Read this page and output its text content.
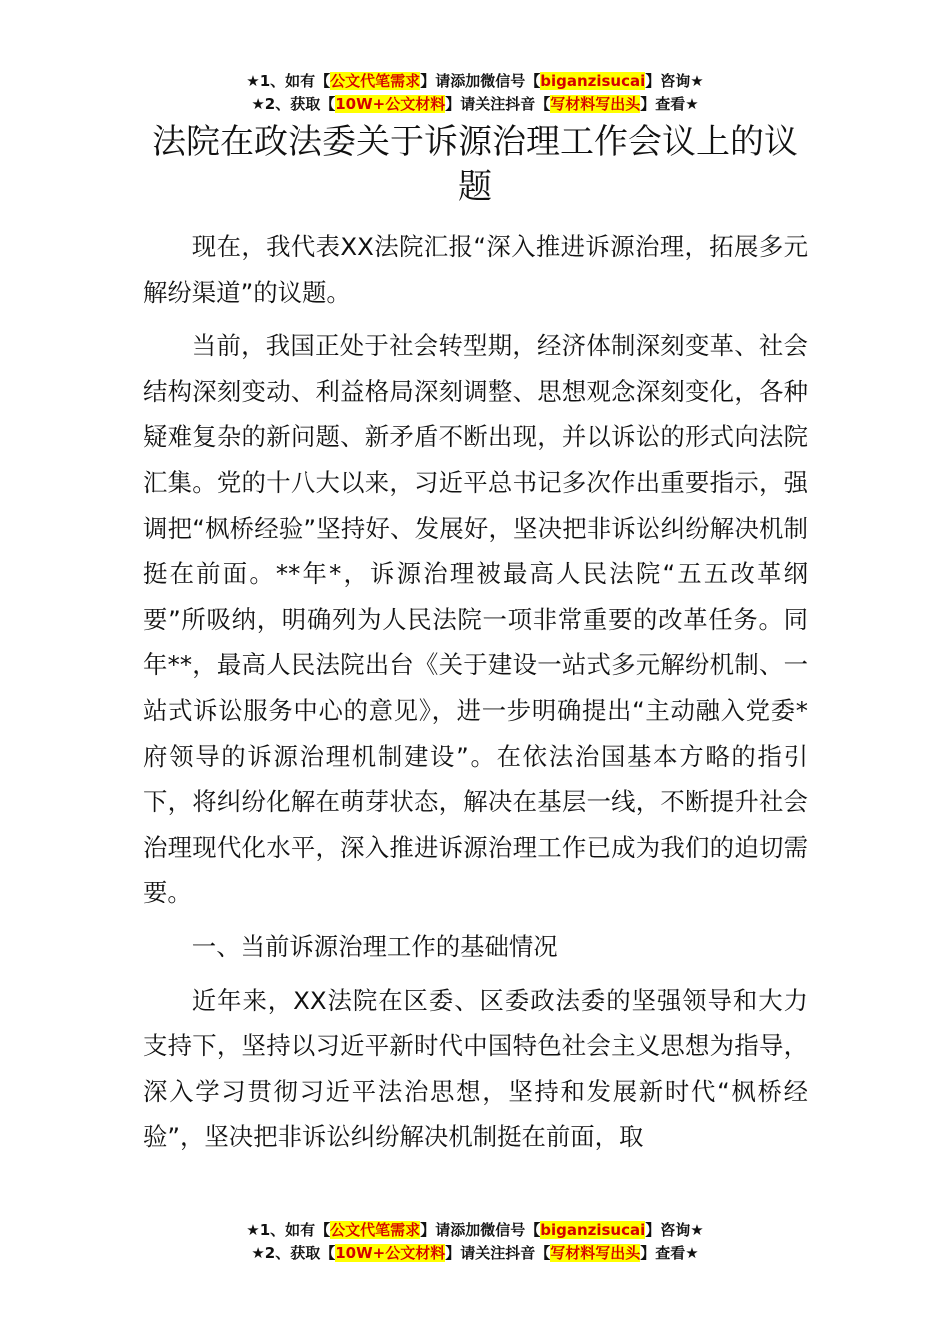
★1、如有【公文代笔需求】请添加微信号【biganzisucai】咨询★
★2、获取【10W+公文材料】请关注抖音【写材料写出头】查看★
法院在政法委关于诉源治理工作会议上的议题

现在，我代表XX法院汇报“深入推进诉源治理，拓展多元解纷渠道”的议题。

当前，我国正处于社会转型期，经济体制深刻变革、社会结构深刻变动、利益格局深刻调整、思想观念深刻变化，各种疑难复杂的新问题、新矛盾不断出现，并以诉讼的形式向法院汇集。党的十八大以来，习近平总书记多次作出重要指示，强调把“枫桥经验”坚持好、发展好，坚决把非诉讼纠纷解决机制挺在前面。**年*，诉源治理被最高人民法院“五五改革纲要”所吸纳，明确列为人民法院一项非常重要的改革任务。同年**，最高人民法院出台《关于建设一站式多元解纷机制、一站式诉讼服务中心的意见》，进一步明确提出“主动融入党委*府领导的诉源治理机制建设”。在依法治国基本方略的指引下，将纠纷化解在萌芽状态，解决在基层一线，不断提升社会治理现代化水平，深入推进诉源治理工作已成为我们的迫切需要。

一、当前诉源治理工作的基础情况

近年来，XX法院在区委、区委政法委的坚强领导和大力支持下，坚持以习近平新时代中国特色社会主义思想为指导，深入学习贯彻习近平法治思想，坚持和发展新时代“枫桥经验”，坚决把非诉讼纠纷解决机制挺在前面，取

★1、如有【公文代笔需求】请添加微信号【biganzisucai】咨询★
★2、获取【10W+公文材料】请关注抖音【写材料写出头】查看★
